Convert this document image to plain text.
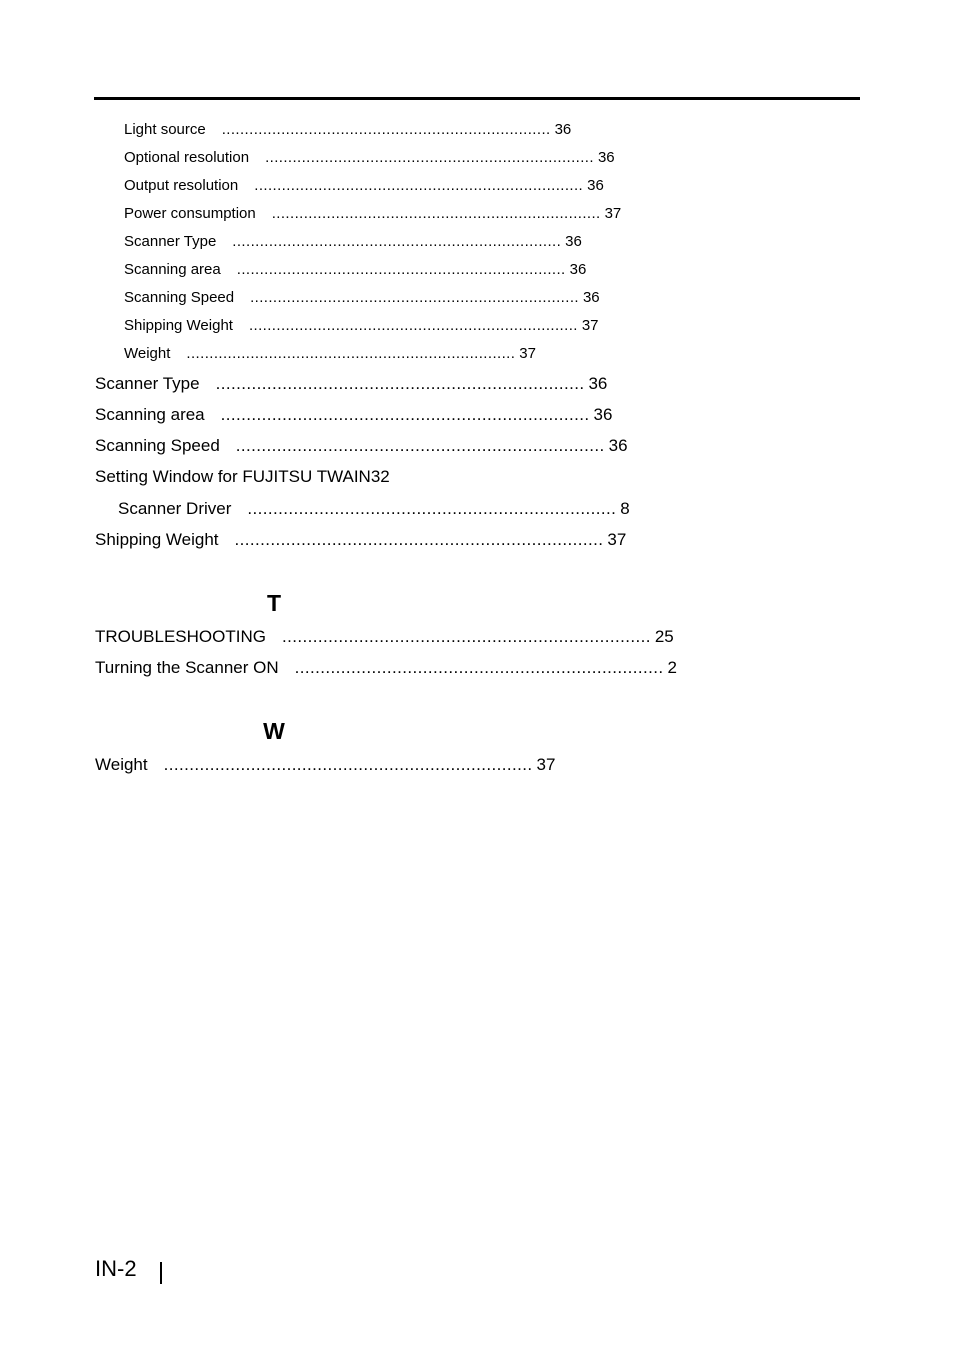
Light source	........................................................................ 36
Optional resolution	........................................................................ 36
Output resolution	........................................................................ 36
Power consumption	........................................................................ 37
Scanner Type	........................................................................ 36
Scanning area	........................................................................ 36
Scanning Speed	........................................................................ 36
Shipping Weight	........................................................................ 37
Weight	........................................................................ 37
Scanner Type ........................................................................ 36
Scanning area ........................................................................ 36
Scanning Speed ........................................................................ 36
Setting Window for FUJITSU TWAIN32
Scanner Driver ........................................................................ 8
Shipping Weight ........................................................................ 37
T
TROUBLESHOOTING ........................................................................ 25
Turning the Scanner ON ........................................................................ 2
W
Weight ........................................................................ 37
IN-2
